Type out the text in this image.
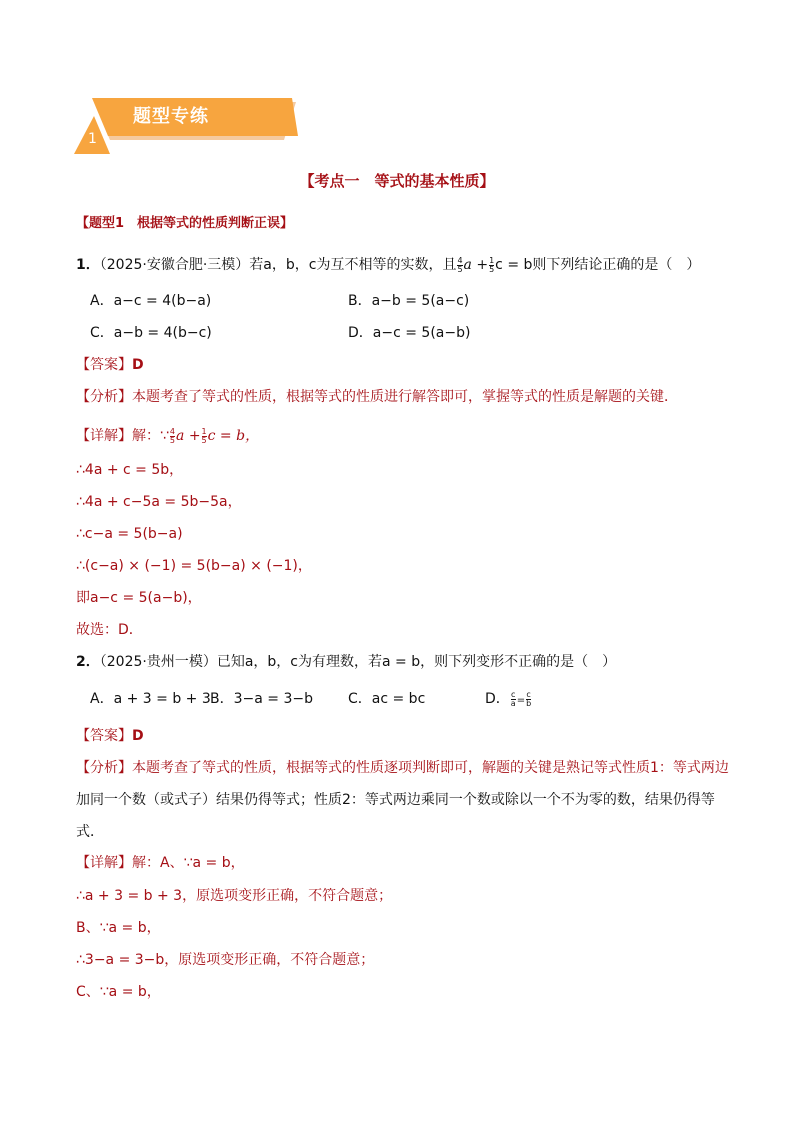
题型专练
1
【考点一　等式的基本性质】
【题型1　根据等式的性质判断正误】
1．（2025·安徽合肥·三模）若a，b，c为互不相等的实数，且 $\frac{4}{5}$ $a + \frac{1}{5}$ c = b则下列结论正确的是（　）
A．a−c = 4(b−a)	B．a−b = 5(a−c)
C．a−b = 4(b−c)	D．a−c = 5(a−b)
【答案】D
【分析】本题考查了等式的性质，根据等式的性质进行解答即可，掌握等式的性质是解题的关键．
【详解】解：∵ $\frac{4}{5}$ $a + \frac{1}{5}$ c = b，
∴4a + c = 5b，
∴4a + c−5a = 5b−5a，
∴c−a = 5(b−a)
∴(c−a) × (−1) = 5(b−a) × (−1)，
即a−c = 5(a−b)，
故选：D．
2．（2025·贵州一模）已知a，b，c为有理数，若a = b，则下列变形不正确的是（　）
A．a + 3 = b + 3 B．3−a = 3−b	C．ac = bc	D． $\frac{c}{a} = \frac{c}{b}$
【答案】D
【分析】本题考查了等式的性质，根据等式的性质逐项判断即可，解题的关键是熟记等式性质1：等式两边
加同一个数（或式子）结果仍得等式；性质2：等式两边乘同一个数或除以一个不为零的数，结果仍得等
式．
【详解】解：A、∵a = b，
∴a + 3 = b + 3，原选项变形正确，不符合题意；
B、∵a = b，
∴3−a = 3−b，原选项变形正确，不符合题意；
C、∵a = b，
